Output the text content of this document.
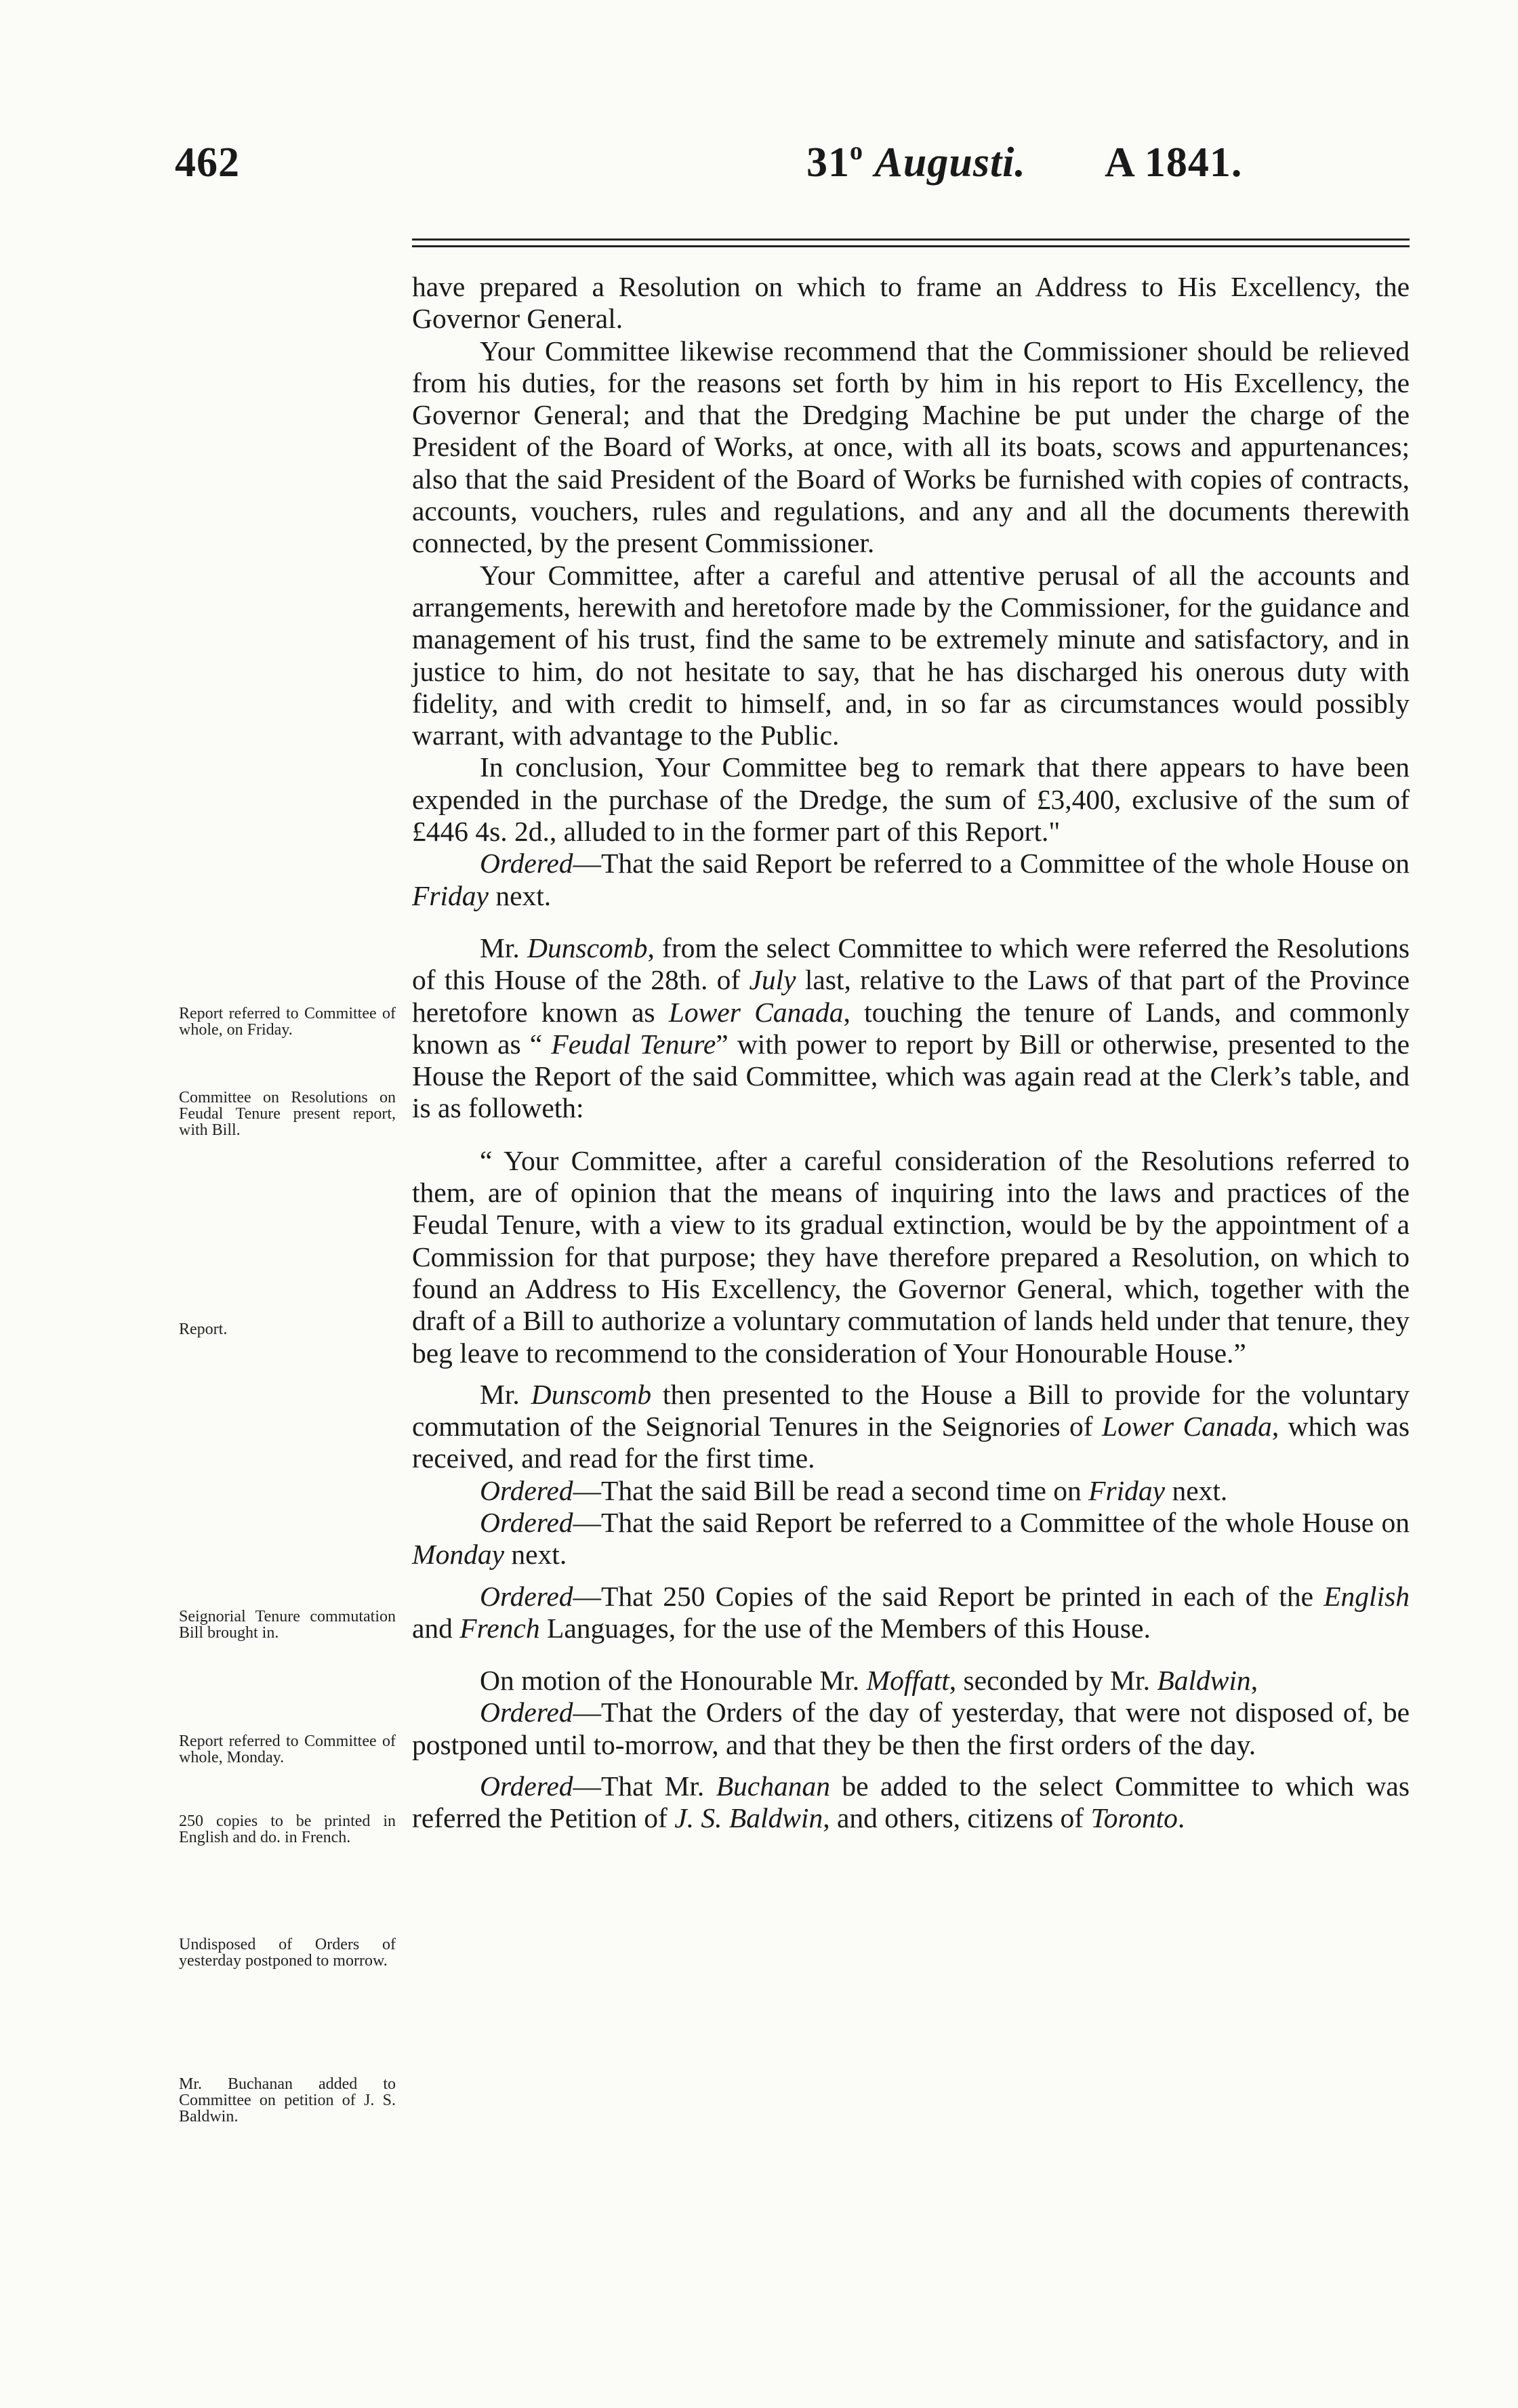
462	31$^o$ Augusti. A 1841.
Report referred to Committee of whole, on Friday.
Committee on Resolutions on Feudal Tenure present report, with Bill.
Report.
Seignorial Tenure commutation Bill brought in.
Report referred to Committee of whole, Monday.
250 copies to be printed in English and do. in French.
Undisposed of Orders of yesterday postponed to morrow.
Mr. Buchanan added to Committee on petition of J. S. Baldwin.

have prepared a Resolution on which to frame an Address to His Excellency, the Governor General.

Your Committee likewise recommend that the Commissioner should be relieved from his duties, for the reasons set forth by him in his report to His Excellency, the Governor General; and that the Dredging Machine be put under the charge of the President of the Board of Works, at once, with all its boats, scows and appurtenances; also that the said President of the Board of Works be furnished with copies of contracts, accounts, vouchers, rules and regulations, and any and all the documents therewith connected, by the present Commissioner.

Your Committee, after a careful and attentive perusal of all the accounts and arrangements, herewith and heretofore made by the Commissioner, for the guidance and management of his trust, find the same to be extremely minute and satisfactory, and in justice to him, do not hesitate to say, that he has discharged his onerous duty with fidelity, and with credit to himself, and, in so far as circumstances would possibly warrant, with advantage to the Public.

In conclusion, Your Committee beg to remark that there appears to have been expended in the purchase of the Dredge, the sum of £3,400, exclusive of the sum of £446 4s. 2d., alluded to in the former part of this Report."

Ordered—That the said Report be referred to a Committee of the whole House on Friday next.

Mr. Dunscomb, from the select Committee to which were referred the Resolutions of this House of the 28th. of July last, relative to the Laws of that part of the Province heretofore known as Lower Canada, touching the tenure of Lands, and commonly known as “ Feudal Tenure” with power to report by Bill or otherwise, presented to the House the Report of the said Committee, which was again read at the Clerk’s table, and is as followeth:

“ Your Committee, after a careful consideration of the Resolutions referred to them, are of opinion that the means of inquiring into the laws and practices of the Feudal Tenure, with a view to its gradual extinction, would be by the appointment of a Commission for that purpose; they have therefore prepared a Resolution, on which to found an Address to His Excellency, the Governor General, which, together with the draft of a Bill to authorize a voluntary commutation of lands held under that tenure, they beg leave to recommend to the consideration of Your Honourable House.”

Mr. Dunscomb then presented to the House a Bill to provide for the voluntary commutation of the Seignorial Tenures in the Seignories of Lower Canada, which was received, and read for the first time.

Ordered—That the said Bill be read a second time on Friday next.

Ordered—That the said Report be referred to a Committee of the whole House on Monday next.

Ordered—That 250 Copies of the said Report be printed in each of the English and French Languages, for the use of the Members of this House.

On motion of the Honourable Mr. Moffatt, seconded by Mr. Baldwin,

Ordered—That the Orders of the day of yesterday, that were not disposed of, be postponed until to-morrow, and that they be then the first orders of the day.

Ordered—That Mr. Buchanan be added to the select Committee to which was referred the Petition of J. S. Baldwin, and others, citizens of Toronto.
